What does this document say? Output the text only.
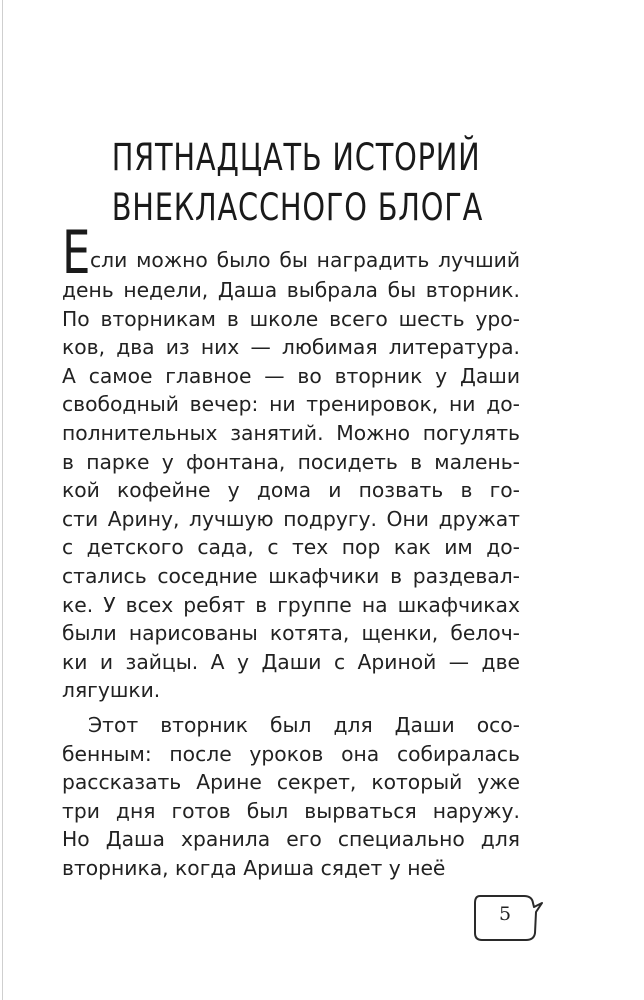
ПЯТНАДЦАТЬ ИСТОРИЙ
ВНЕКЛАССНОГО БЛОГА
Е сли можно было бы наградить лучший
день недели, Даша выбрала бы вторник.
По вторникам в школе всего шесть уро-
ков, два из них — любимая литература.
А самое главное — во вторник у Даши
свободный вечер: ни тренировок, ни до-
полнительных занятий. Можно погулять
в парке у фонтана, посидеть в малень-
кой кофейне у дома и позвать в го-
сти Арину, лучшую подругу. Они дружат
с детского сада, с тех пор как им до-
стались соседние шкафчики в раздевал-
ке. У всех ребят в группе на шкафчиках
были нарисованы котята, щенки, белоч-
ки и зайцы. А у Даши с Ариной — две
лягушки.
Этот вторник был для Даши осо-
бенным: после уроков она собиралась
рассказать Арине секрет, который уже
три дня готов был вырваться наружу.
Но Даша хранила его специально для
вторника, когда Ариша сядет у неё
5
